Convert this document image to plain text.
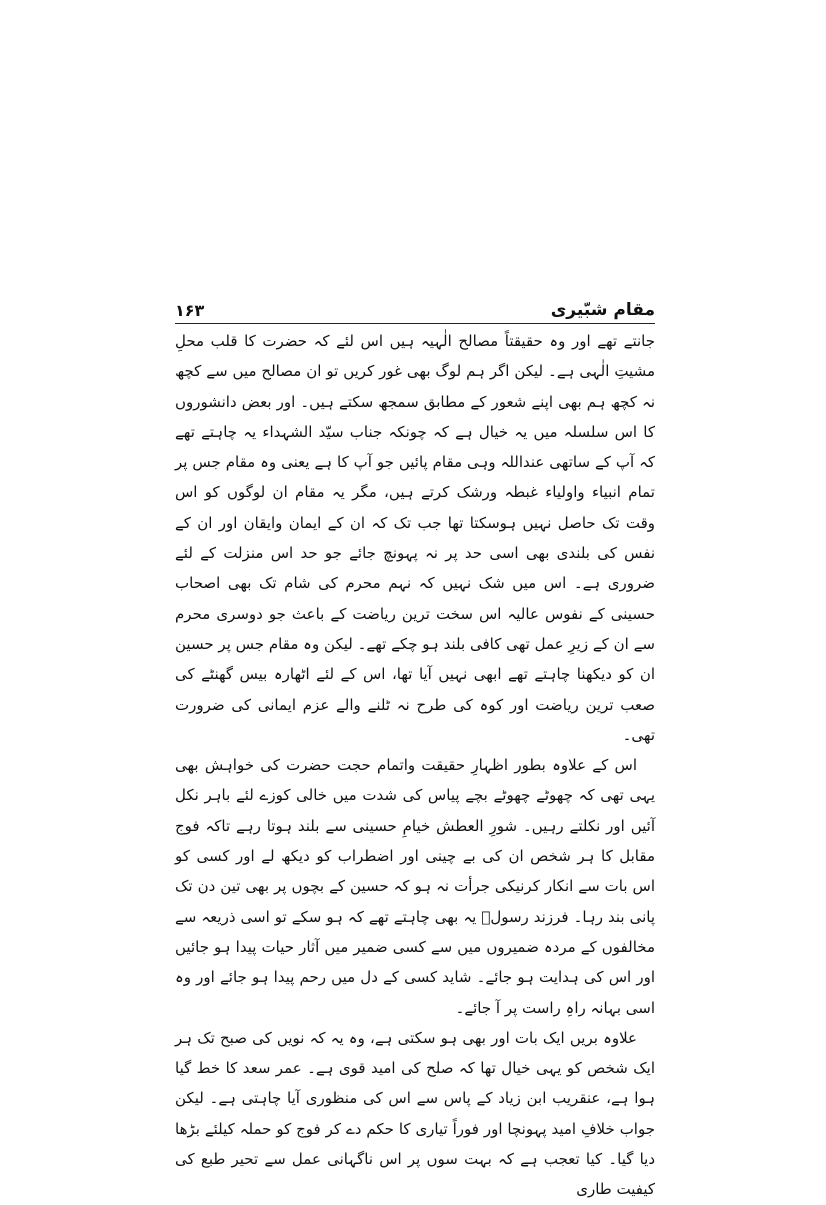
مقام شبّیری
۱۶۳

جانتے تھے اور وہ حقیقتاً مصالح الٰہیہ ہیں اس لئے کہ حضرت کا قلب محلِ مشیتِ الٰہی ہے۔ لیکن اگر ہم لوگ بھی غور کریں تو ان مصالح میں سے کچھ نہ کچھ ہم بھی اپنے شعور کے مطابق سمجھ سکتے ہیں۔ اور بعض دانشوروں کا اس سلسلہ میں یہ خیال ہے کہ چونکہ جناب سیّد الشہداء یہ چاہتے تھے کہ آپ کے ساتھی عنداللہ وہی مقام پائیں جو آپ کا ہے یعنی وہ مقام جس پر تمام انبیاء واولیاء غبطہ ورشک کرتے ہیں، مگر یہ مقام ان لوگوں کو اس وقت تک حاصل نہیں ہوسکتا تھا جب تک کہ ان کے ایمان وایقان اور ان کے نفس کی بلندی بھی اسی حد پر نہ پہونچ جائے جو حد اس منزلت کے لئے ضروری ہے۔ اس میں شک نہیں کہ نہم محرم کی شام تک بھی اصحاب حسینی کے نفوس عالیہ اس سخت ترین ریاضت کے باعث جو دوسری محرم سے ان کے زیرِ عمل تھی کافی بلند ہو چکے تھے۔ لیکن وہ مقام جس پر حسین ان کو دیکھنا چاہتے تھے ابھی نہیں آیا تھا، اس کے لئے اٹھارہ بیس گھنٹے کی صعب ترین ریاضت اور کوہ کی طرح نہ ٹلنے والے عزم ایمانی کی ضرورت تھی۔

اس کے علاوہ بطور اظہارِ حقیقت واتمام حجت حضرت کی خواہش بھی یہی تھی کہ چھوٹے چھوٹے بچے پیاس کی شدت میں خالی کوزے لئے باہر نکل آئیں اور نکلتے رہیں۔ شورِ العطش خیامِ حسینی سے بلند ہوتا رہے تاکہ فوج مقابل کا ہر شخص ان کی بے چینی اور اضطراب کو دیکھ لے اور کسی کو اس بات سے انکار کرنیکی جرأت نہ ہو کہ حسین کے بچوں پر بھی تین دن تک پانی بند رہا۔ فرزند رسولؐ یہ بھی چاہتے تھے کہ ہو سکے تو اسی ذریعہ سے مخالفوں کے مردہ ضمیروں میں سے کسی ضمیر میں آثار حیات پیدا ہو جائیں اور اس کی ہدایت ہو جائے۔ شاید کسی کے دل میں رحم پیدا ہو جائے اور وہ اسی بہانہ راہِ راست پر آ جائے۔

علاوہ بریں ایک بات اور بھی ہو سکتی ہے، وہ یہ کہ نویں کی صبح تک ہر ایک شخص کو یہی خیال تھا کہ صلح کی امید قوی ہے۔ عمر سعد کا خط گیا ہوا ہے، عنقریب ابن زیاد کے پاس سے اس کی منظوری آیا چاہتی ہے۔ لیکن جواب خلافِ امید پہونچا اور فوراً تیاری کا حکم دے کر فوج کو حملہ کیلئے بڑھا دیا گیا۔ کیا تعجب ہے کہ بہت سوں پر اس ناگہانی عمل سے تحیر طبع کی کیفیت طاری
